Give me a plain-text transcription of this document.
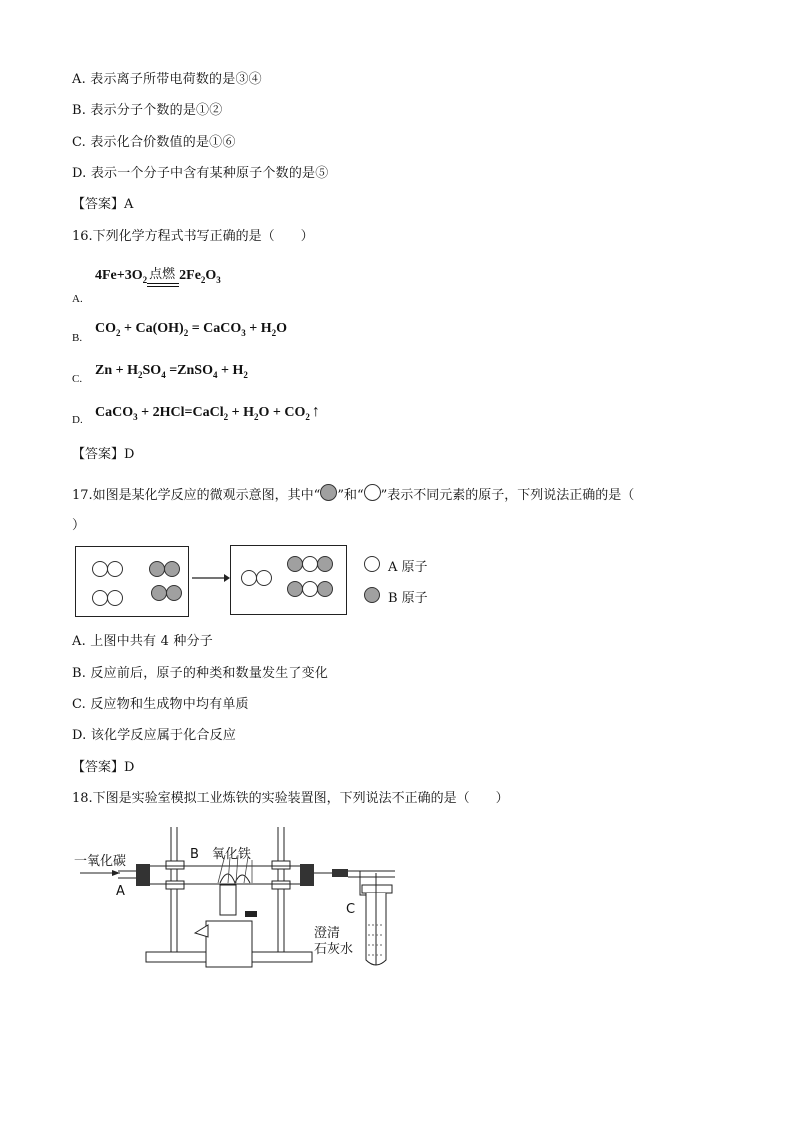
A. 表示离子所带电荷数的是③④
B. 表示分子个数的是①②
C. 表示化合价数值的是①⑥
D. 表示一个分子中含有某种原子个数的是⑤
【答案】A
16.下列化学方程式书写正确的是（　　）
$4Fe+3O_2$ 点燃 $2Fe_2O_3$
A.
$CO_2 + Ca(OH)_2$ = CaCO$_3$ + $H_2O$
B.
$Zn + H_2SO_4$ =ZnSO$_4$ + $H_2$
C.
CaCO$_3$ + 2HCl=CaCl$_2$ + $H_2O + CO_2$ ↑
D.
【答案】D
17.如图是某化学反应的微观示意图，其中“ ”和“ ”表示不同元素的原子，下列说法正确的是（
）
A 原子
B 原子
A. 上图中共有 4 种分子
B. 反应前后，原子的种类和数量发生了变化
C. 反应物和生成物中均有单质
D. 该化学反应属于化合反应
【答案】D
18.下图是实验室模拟工业炼铁的实验装置图，下列说法不正确的是（　　）
一氧化碳
A
B 氧化铁
C
澄清
石灰水
